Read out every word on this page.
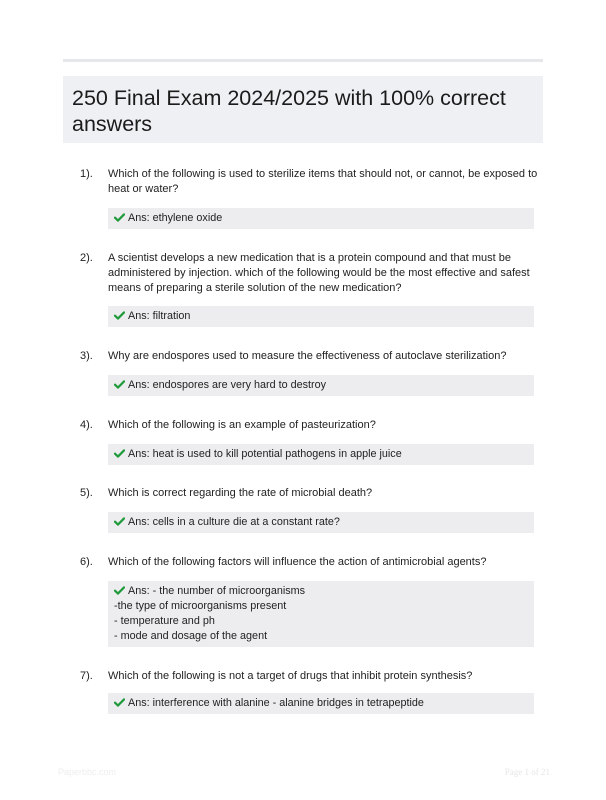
250 Final Exam 2024/2025 with 100% correct answers
1). Which of the following is used to sterilize items that should not, or cannot, be exposed to heat or water?
Ans: ethylene oxide
2). A scientist develops a new medication that is a protein compound and that must be administered by injection. which of the following would be the most effective and safest means of preparing a sterile solution of the new medication?
Ans: filtration
3). Why are endospores used to measure the effectiveness of autoclave sterilization?
Ans: endospores are very hard to destroy
4). Which of the following is an example of pasteurization?
Ans: heat is used to kill potential pathogens in apple juice
5). Which is correct regarding the rate of microbial death?
Ans: cells in a culture die at a constant rate?
6). Which of the following factors will influence the action of antimicrobial agents?
Ans: - the number of microorganisms
-the type of microorganisms present
- temperature and ph
- mode and dosage of the agent
7). Which of the following is not a target of drugs that inhibit protein synthesis?
Ans: interference with alanine - alanine bridges in tetrapeptide
Paperbbc.com	Page 1 of 21
